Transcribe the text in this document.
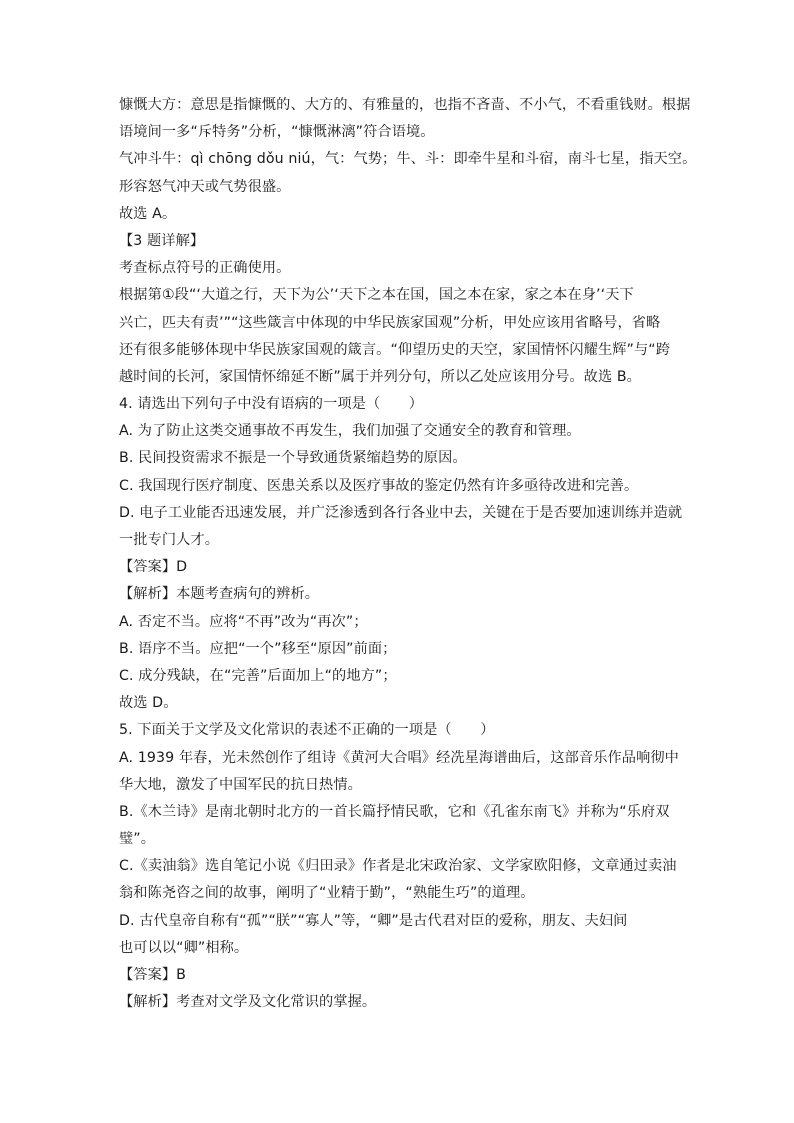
慷慨大方：意思是指慷慨的、大方的、有雅量的，也指不吝啬、不小气，不看重钱财。根据
语境间一多“斥特务”分析，“慷慨淋漓”符合语境。
气冲斗牛：qì chōng dǒu niú，气：气势；牛、斗：即牵牛星和斗宿，南斗七星，指天空。
形容怒气冲天或气势很盛。
故选 A。
【3 题详解】
考查标点符号的正确使用。
根据第①段“‘大道之行，天下为公’‘天下之本在国，国之本在家，家之本在身’‘天下
兴亡，匹夫有责’”“这些箴言中体现的中华民族家国观”分析，甲处应该用省略号，省略
还有很多能够体现中华民族家国观的箴言。“仰望历史的天空，家国情怀闪耀生辉”与“跨
越时间的长河，家国情怀绵延不断”属于并列分句，所以乙处应该用分号。故选 B。
4. 请选出下列句子中没有语病的一项是（　　）
A. 为了防止这类交通事故不再发生，我们加强了交通安全的教育和管理。
B. 民间投资需求不振是一个导致通货紧缩趋势的原因。
C. 我国现行医疗制度、医患关系以及医疗事故的鉴定仍然有许多亟待改进和完善。
D. 电子工业能否迅速发展，并广泛渗透到各行各业中去，关键在于是否要加速训练并造就
一批专门人才。
【答案】D
【解析】本题考查病句的辨析。
A. 否定不当。应将“不再”改为“再次”；
B. 语序不当。应把“一个”移至“原因”前面；
C. 成分残缺，在“完善”后面加上“的地方”；
故选 D。
5. 下面关于文学及文化常识的表述不正确的一项是（　　）
A. 1939 年春，光未然创作了组诗《黄河大合唱》经冼星海谱曲后，这部音乐作品响彻中
华大地，激发了中国军民的抗日热情。
B.《木兰诗》是南北朝时北方的一首长篇抒情民歌，它和《孔雀东南飞》并称为“乐府双
璧”。
C.《卖油翁》选自笔记小说《归田录》作者是北宋政治家、文学家欧阳修，文章通过卖油
翁和陈尧咨之间的故事，阐明了“业精于勤”，“熟能生巧”的道理。
D. 古代皇帝自称有“孤”“朕”“寡人”等，“卿”是古代君对臣的爱称，朋友、夫妇间
也可以以“卿”相称。
【答案】B
【解析】考查对文学及文化常识的掌握。
